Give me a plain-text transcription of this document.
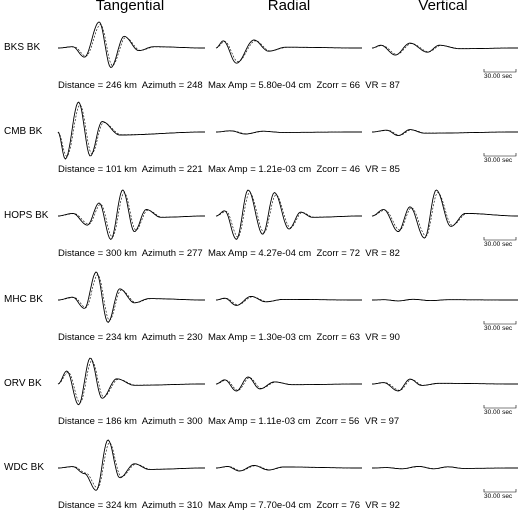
Tangential	Radial	Vertical
BKS BK
30.00 sec
Distance = 246 km  Azimuth = 248  Max Amp = 5.80e-04 cm  Zcorr = 66  VR = 87
CMB BK
30.00 sec
Distance = 101 km  Azimuth = 221  Max Amp = 1.21e-03 cm  Zcorr = 46  VR = 85
HOPS BK
30.00 sec
Distance = 300 km  Azimuth = 277  Max Amp = 4.27e-04 cm  Zcorr = 72  VR = 82
MHC BK
30.00 sec
Distance = 234 km  Azimuth = 230  Max Amp = 1.30e-03 cm  Zcorr = 63  VR = 90
ORV BK
30.00 sec
Distance = 186 km  Azimuth = 300  Max Amp = 1.11e-03 cm  Zcorr = 56  VR = 97
WDC BK
30.00 sec
Distance = 324 km  Azimuth = 310  Max Amp = 7.70e-04 cm  Zcorr = 76  VR = 92
